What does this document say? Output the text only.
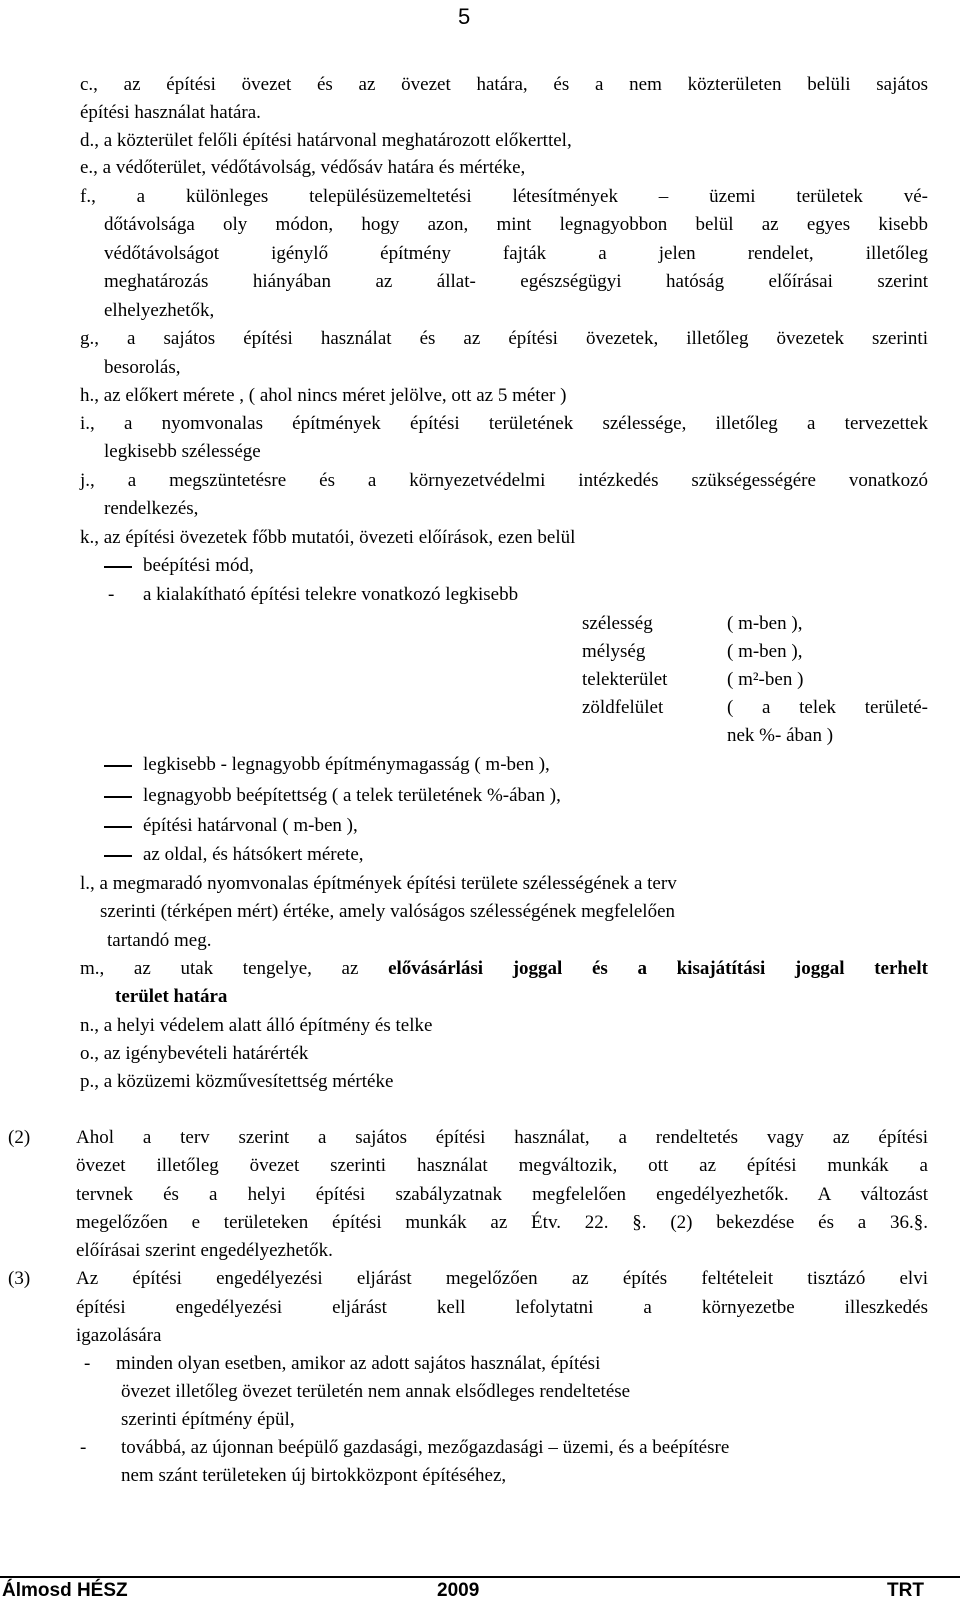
5
c., az építési övezet és az övezet határa, és a nem közterületen belüli sajátos
építési használat határa.
d., a közterület felőli építési határvonal meghatározott előkerttel,
e., a védőterület, védőtávolság, védősáv határa és mértéke,
f., a különleges településüzemeltetési létesítmények – üzemi területek vé-
dőtávolsága oly módon, hogy azon, mint legnagyobbon belül az egyes kisebb
védőtávolságot igénylő építmény fajták a jelen rendelet, illetőleg
meghatározás hiányában az állat- egészségügyi hatóság előírásai szerint
elhelyezhetők,
g., a sajátos építési használat és az építési övezetek, illetőleg övezetek szerinti
besorolás,
h., az előkert mérete , ( ahol nincs méret jelölve, ott az 5 méter )
i., a nyomvonalas építmények építési területének szélessége, illetőleg a tervezettek
legkisebb szélessége
j., a megszüntetésre és a környezetvédelmi intézkedés szükségességére vonatkozó
rendelkezés,
k., az építési övezetek főbb mutatói, övezeti előírások, ezen belül
beépítési mód,
- a kialakítható építési telekre vonatkozó legkisebb
szélesség	( m-ben ),
mélység	( m-ben ),
telekterület	( m²-ben )
zöldfelület	( a telek területé-
nek %- ában )
legkisebb - legnagyobb építménymagasság ( m-ben ),
legnagyobb beépítettség ( a telek területének %-ában ),
építési határvonal ( m-ben ),
az oldal, és hátsókert mérete,
l., a megmaradó nyomvonalas építmények építési területe szélességének a terv
szerinti (térképen mért) értéke, amely valóságos szélességének megfelelően
tartandó meg.
m., az utak tengelye, az elővásárlási joggal és a kisajátítási joggal terhelt
terület határa
n., a helyi védelem alatt álló építmény és telke
o., az igénybevételi határérték
p., a közüzemi közművesítettség mértéke
(2) Ahol a terv szerint a sajátos építési használat, a rendeltetés vagy az építési
övezet illetőleg övezet szerinti használat megváltozik, ott az építési munkák a
tervnek és a helyi építési szabályzatnak megfelelően engedélyezhetők. A változást
megelőzően e területeken építési munkák az Étv. 22. §. (2) bekezdése és a 36.§.
előírásai szerint engedélyezhetők.
(3) Az építési engedélyezési eljárást megelőzően az építés feltételeit tisztázó elvi
építési engedélyezési eljárást kell lefolytatni a környezetbe illeszkedés
igazolására
- minden olyan esetben, amikor az adott sajátos használat, építési
övezet illetőleg övezet területén nem annak elsődleges rendeltetése
szerinti építmény épül,
- továbbá, az újonnan beépülő gazdasági, mezőgazdasági – üzemi, és a beépítésre
nem szánt területeken új birtokközpont építéséhez,
Álmosd HÉSZ	2009	TRT
